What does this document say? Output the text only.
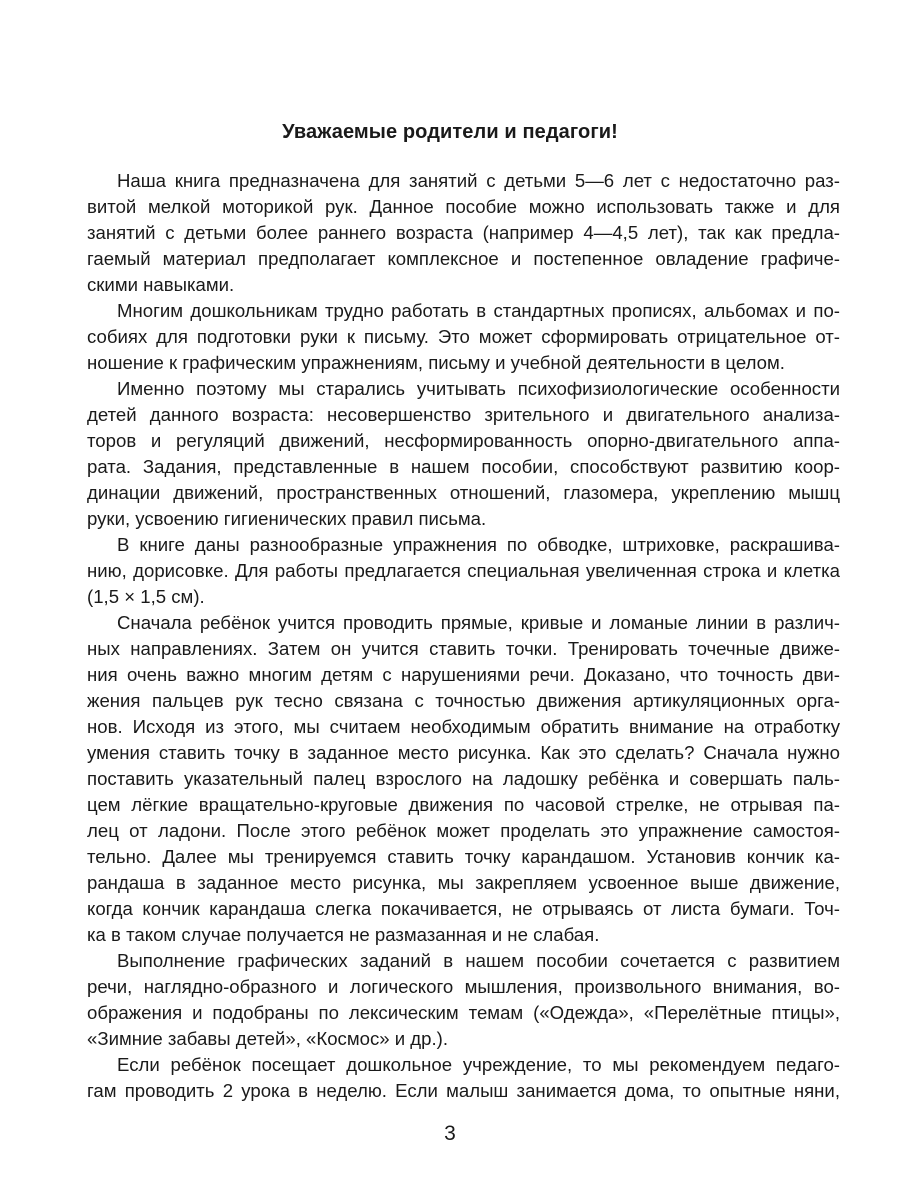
Уважаемые родители и педагоги!
Наша книга предназначена для занятий с детьми 5—6 лет с недостаточно раз-
витой мелкой моторикой рук. Данное пособие можно использовать также и для
занятий с детьми более раннего возраста (например 4—4,5 лет), так как предла-
гаемый материал предполагает комплексное и постепенное овладение графиче-
скими навыками.
Многим дошкольникам трудно работать в стандартных прописях, альбомах и по-
собиях для подготовки руки к письму. Это может сформировать отрицательное от-
ношение к графическим упражнениям, письму и учебной деятельности в целом.
Именно поэтому мы старались учитывать психофизиологические особенности
детей данного возраста: несовершенство зрительного и двигательного анализа-
торов и регуляций движений, несформированность опорно-двигательного аппа-
рата. Задания, представленные в нашем пособии, способствуют развитию коор-
динации движений, пространственных отношений, глазомера, укреплению мышц
руки, усвоению гигиенических правил письма.
В книге даны разнообразные упражнения по обводке, штриховке, раскрашива-
нию, дорисовке. Для работы предлагается специальная увеличенная строка и клетка
(1,5 × 1,5 см).
Сначала ребёнок учится проводить прямые, кривые и ломаные линии в различ-
ных направлениях. Затем он учится ставить точки. Тренировать точечные движе-
ния очень важно многим детям с нарушениями речи. Доказано, что точность дви-
жения пальцев рук тесно связана с точностью движения артикуляционных орга-
нов. Исходя из этого, мы считаем необходимым обратить внимание на отработку
умения ставить точку в заданное место рисунка. Как это сделать? Сначала нужно
поставить указательный палец взрослого на ладошку ребёнка и совершать паль-
цем лёгкие вращательно-круговые движения по часовой стрелке, не отрывая па-
лец от ладони. После этого ребёнок может проделать это упражнение самостоя-
тельно. Далее мы тренируемся ставить точку карандашом. Установив кончик ка-
рандаша в заданное место рисунка, мы закрепляем усвоенное выше движение,
когда кончик карандаша слегка покачивается, не отрываясь от листа бумаги. Точ-
ка в таком случае получается не размазанная и не слабая.
Выполнение графических заданий в нашем пособии сочетается с развитием
речи, наглядно-образного и логического мышления, произвольного внимания, во-
ображения и подобраны по лексическим темам («Одежда», «Перелётные птицы»,
«Зимние забавы детей», «Космос» и др.).
Если ребёнок посещает дошкольное учреждение, то мы рекомендуем педаго-
гам проводить 2 урока в неделю. Если малыш занимается дома, то опытные няни,
3
